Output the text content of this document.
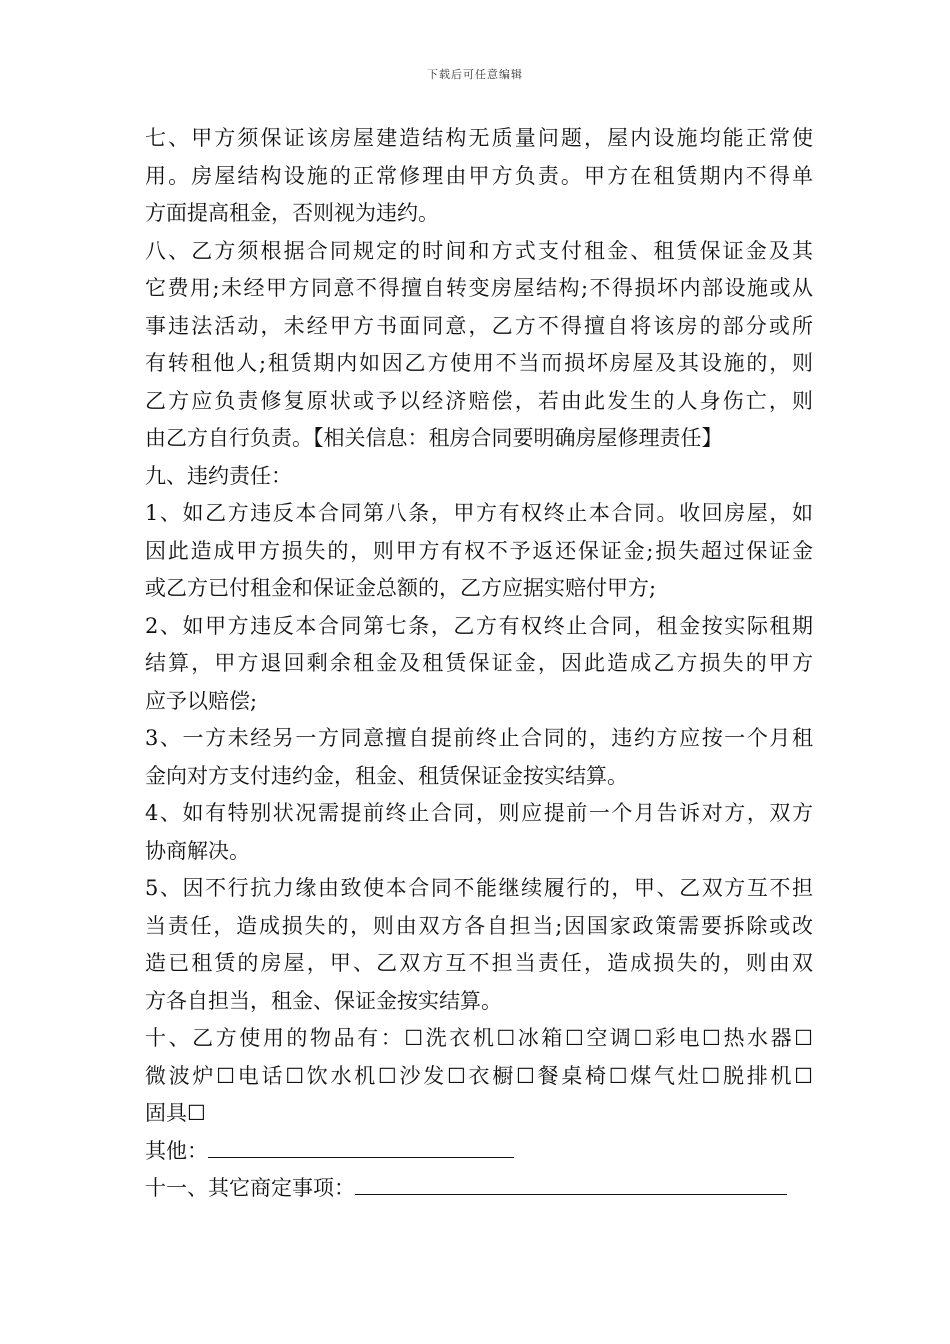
下载后可任意编辑
七、甲方须保证该房屋建造结构无质量问题，屋内设施均能正常使
用。房屋结构设施的正常修理由甲方负责。甲方在租赁期内不得单
方面提高租金，否则视为违约。
八、乙方须根据合同规定的时间和方式支付租金、租赁保证金及其
它费用;未经甲方同意不得擅自转变房屋结构;不得损坏内部设施或从
事违法活动，未经甲方书面同意，乙方不得擅自将该房的部分或所
有转租他人;租赁期内如因乙方使用不当而损坏房屋及其设施的，则
乙方应负责修复原状或予以经济赔偿，若由此发生的人身伤亡，则
由乙方自行负责。【相关信息：租房合同要明确房屋修理责任】
九、违约责任：
1、如乙方违反本合同第八条，甲方有权终止本合同。收回房屋，如
因此造成甲方损失的，则甲方有权不予返还保证金;损失超过保证金
或乙方已付租金和保证金总额的，乙方应据实赔付甲方;
2、如甲方违反本合同第七条，乙方有权终止合同，租金按实际租期
结算，甲方退回剩余租金及租赁保证金，因此造成乙方损失的甲方
应予以赔偿;
3、一方未经另一方同意擅自提前终止合同的，违约方应按一个月租
金向对方支付违约金，租金、租赁保证金按实结算。
4、如有特别状况需提前终止合同，则应提前一个月告诉对方，双方
协商解决。
5、因不行抗力缘由致使本合同不能继续履行的，甲、乙双方互不担
当责任，造成损失的，则由双方各自担当;因国家政策需要拆除或改
造已租赁的房屋，甲、乙双方互不担当责任，造成损失的，则由双
方各自担当，租金、保证金按实结算。
十、乙方使用的物品有：☐洗衣机☐冰箱☐空调☐彩电☐热水器☐
微波炉☐电话☐饮水机☐沙发☐衣橱☐餐桌椅☐煤气灶☐脱排机☐
固具☐
其他：
十一、其它商定事项：
